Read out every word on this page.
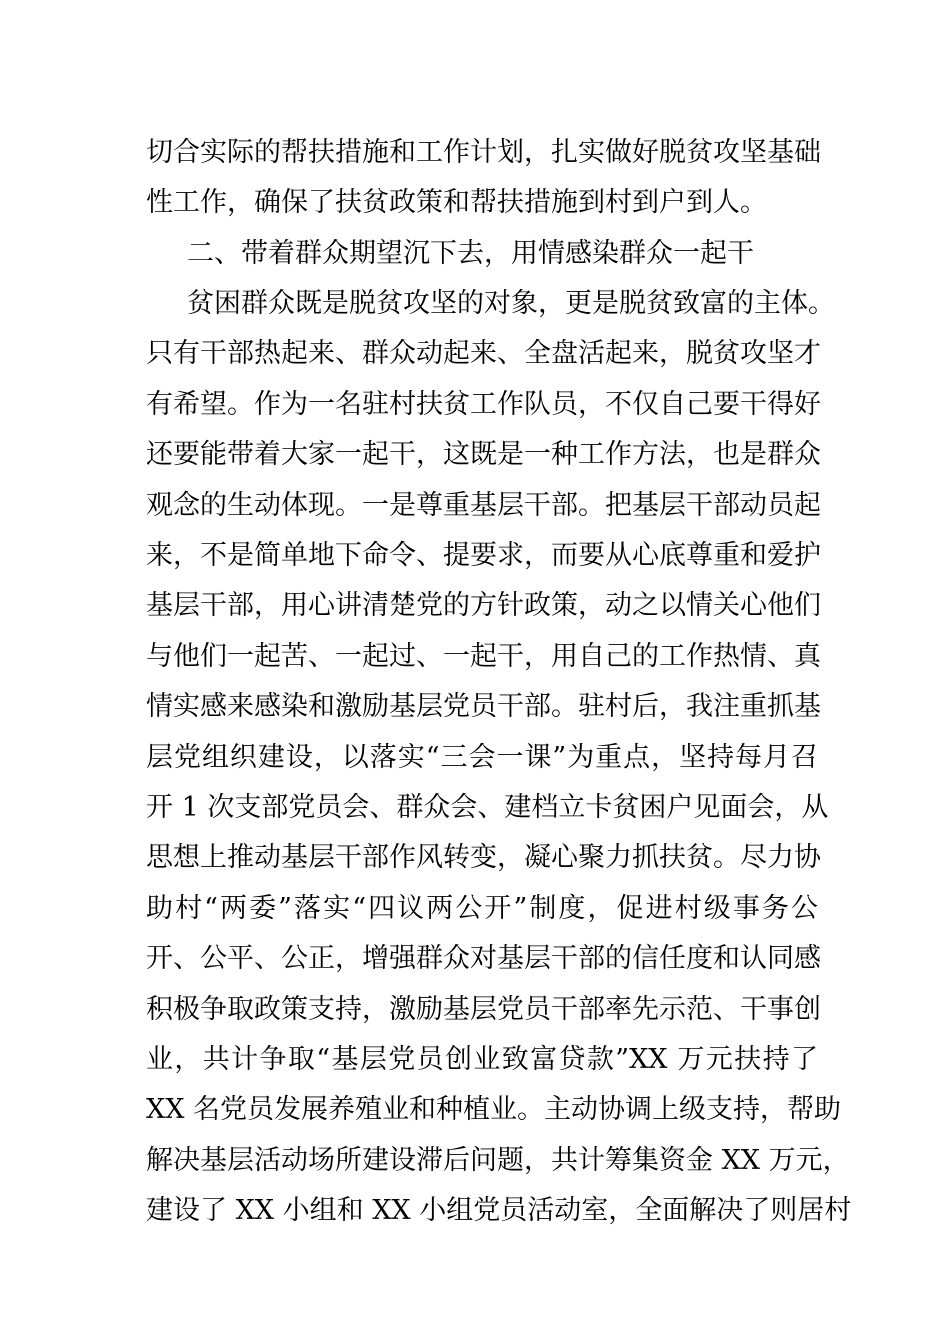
切合实际的帮扶措施和工作计划，扎实做好脱贫攻坚基础
性工作，确保了扶贫政策和帮扶措施到村到户到人。
二、带着群众期望沉下去，用情感染群众一起干
贫困群众既是脱贫攻坚的对象，更是脱贫致富的主体。
只有干部热起来、群众动起来、全盘活起来，脱贫攻坚才
有希望。作为一名驻村扶贫工作队员，不仅自己要干得好
还要能带着大家一起干，这既是一种工作方法，也是群众
观念的生动体现。一是尊重基层干部。把基层干部动员起
来，不是简单地下命令、提要求，而要从心底尊重和爱护
基层干部，用心讲清楚党的方针政策，动之以情关心他们
与他们一起苦、一起过、一起干，用自己的工作热情、真
情实感来感染和激励基层党员干部。驻村后，我注重抓基
层党组织建设，以落实“三会一课”为重点，坚持每月召
开 1 次支部党员会、群众会、建档立卡贫困户见面会，从
思想上推动基层干部作风转变，凝心聚力抓扶贫。尽力协
助村“两委”落实“四议两公开”制度，促进村级事务公
开、公平、公正，增强群众对基层干部的信任度和认同感
积极争取政策支持，激励基层党员干部率先示范、干事创
业，共计争取“基层党员创业致富贷款”XX 万元扶持了
XX 名党员发展养殖业和种植业。主动协调上级支持，帮助
解决基层活动场所建设滞后问题，共计筹集资金 XX 万元，
建设了 XX 小组和 XX 小组党员活动室，全面解决了则居村
